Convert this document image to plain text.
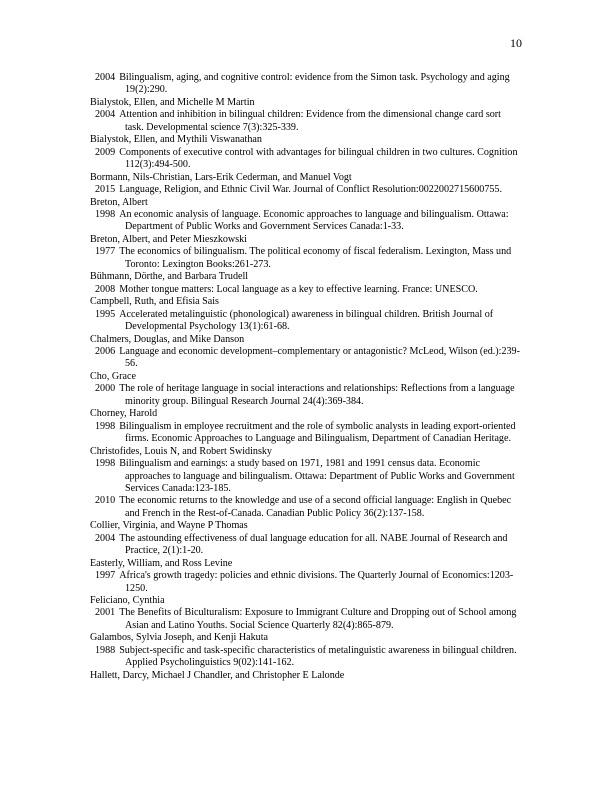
10
2004 Bilingualism, aging, and cognitive control: evidence from the Simon task. Psychology and aging 19(2):290.
Bialystok, Ellen, and Michelle M Martin
2004 Attention and inhibition in bilingual children: Evidence from the dimensional change card sort task. Developmental science 7(3):325-339.
Bialystok, Ellen, and Mythili Viswanathan
2009 Components of executive control with advantages for bilingual children in two cultures. Cognition 112(3):494-500.
Bormann, Nils-Christian, Lars-Erik Cederman, and Manuel Vogt
2015 Language, Religion, and Ethnic Civil War. Journal of Conflict Resolution:0022002715600755.
Breton, Albert
1998 An economic analysis of language. Economic approaches to language and bilingualism. Ottawa: Department of Public Works and Government Services Canada:1-33.
Breton, Albert, and Peter Mieszkowski
1977 The economics of bilingualism. The political economy of fiscal federalism. Lexington, Mass und Toronto: Lexington Books:261-273.
Bühmann, Dörthe, and Barbara Trudell
2008 Mother tongue matters: Local language as a key to effective learning. France: UNESCO.
Campbell, Ruth, and Efisia Sais
1995 Accelerated metalinguistic (phonological) awareness in bilingual children. British Journal of Developmental Psychology 13(1):61-68.
Chalmers, Douglas, and Mike Danson
2006 Language and economic development–complementary or antagonistic? McLeod, Wilson (ed.):239-56.
Cho, Grace
2000 The role of heritage language in social interactions and relationships: Reflections from a language minority group. Bilingual Research Journal 24(4):369-384.
Chorney, Harold
1998 Bilingualism in employee recruitment and the role of symbolic analysts in leading export-oriented firms. Economic Approaches to Language and Bilingualism, Department of Canadian Heritage.
Christofides, Louis N, and Robert Swidinsky
1998 Bilingualism and earnings: a study based on 1971, 1981 and 1991 census data. Economic approaches to language and bilingualism. Ottawa: Department of Public Works and Government Services Canada:123-185.
2010 The economic returns to the knowledge and use of a second official language: English in Quebec and French in the Rest-of-Canada. Canadian Public Policy 36(2):137-158.
Collier, Virginia, and Wayne P Thomas
2004 The astounding effectiveness of dual language education for all. NABE Journal of Research and Practice, 2(1):1-20.
Easterly, William, and Ross Levine
1997 Africa's growth tragedy: policies and ethnic divisions. The Quarterly Journal of Economics:1203-1250.
Feliciano, Cynthia
2001 The Benefits of Biculturalism: Exposure to Immigrant Culture and Dropping out of School among Asian and Latino Youths. Social Science Quarterly 82(4):865-879.
Galambos, Sylvia Joseph, and Kenji Hakuta
1988 Subject-specific and task-specific characteristics of metalinguistic awareness in bilingual children. Applied Psycholinguistics 9(02):141-162.
Hallett, Darcy, Michael J Chandler, and Christopher E Lalonde
